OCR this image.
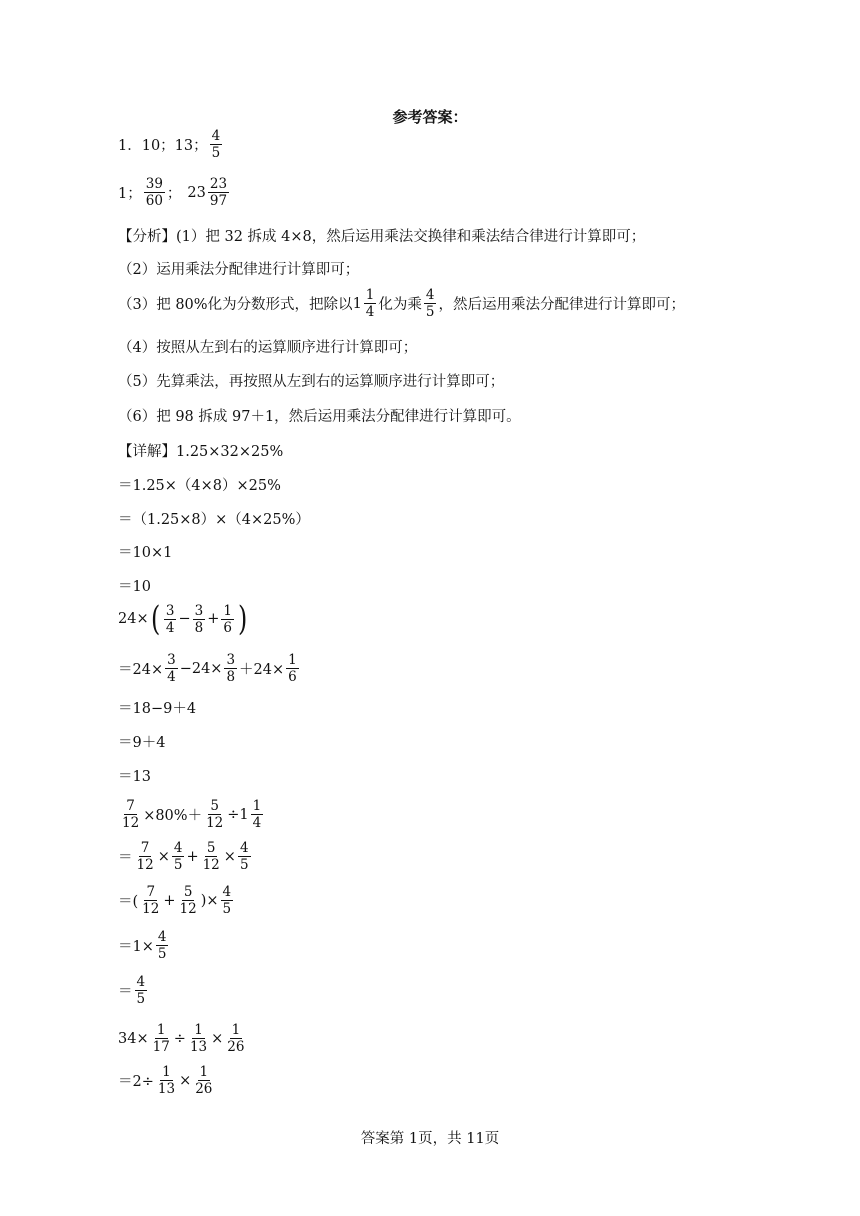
参考答案：
1．10；13； $\frac{4}{5}$
1； $\frac{39}{60}$ ； $23 \frac{23}{97}$
【分析】(1）把 32 拆成 4×8，然后运用乘法交换律和乘法结合律进行计算即可；
（2）运用乘法分配律进行计算即可；
（3）把 80%化为分数形式，把除以 $1 \frac{1}{4}$ 化为乘 $\frac{4}{5}$ ，然后运用乘法分配律进行计算即可；
（4）按照从左到右的运算顺序进行计算即可；
（5）先算乘法，再按照从左到右的运算顺序进行计算即可；
（6）把 98 拆成 97＋1，然后运用乘法分配律进行计算即可。
【详解】1.25×32×25%
＝1.25×（4×8）×25%
＝（1.25×8）×（4×25%）
＝10×1
＝10
24× ( $\frac{3}{4} - \frac{3}{8} + \frac{1}{6}$ )
$=24\times \frac{3}{4} -24\times \frac{3}{8} +24\times \frac{1}{6}$
＝18−9＋4
＝9＋4
＝13
$\frac{7}{12} \times 80\%+ \frac{5}{12} \div 1 \frac{1}{4}$
＝ $\frac{7}{12} \times \frac{4}{5} + \frac{5}{12} \times \frac{4}{5}$
＝( $\frac{7}{12} + \frac{5}{12}$ )× $\frac{4}{5}$
$=1\times \frac{4}{5}$
＝ $\frac{4}{5}$
$34\times \frac{1}{17} \div \frac{1}{13} \times \frac{1}{26}$
$=2\div \frac{1}{13} \times \frac{1}{26}$
答案第 1页，共 11页
